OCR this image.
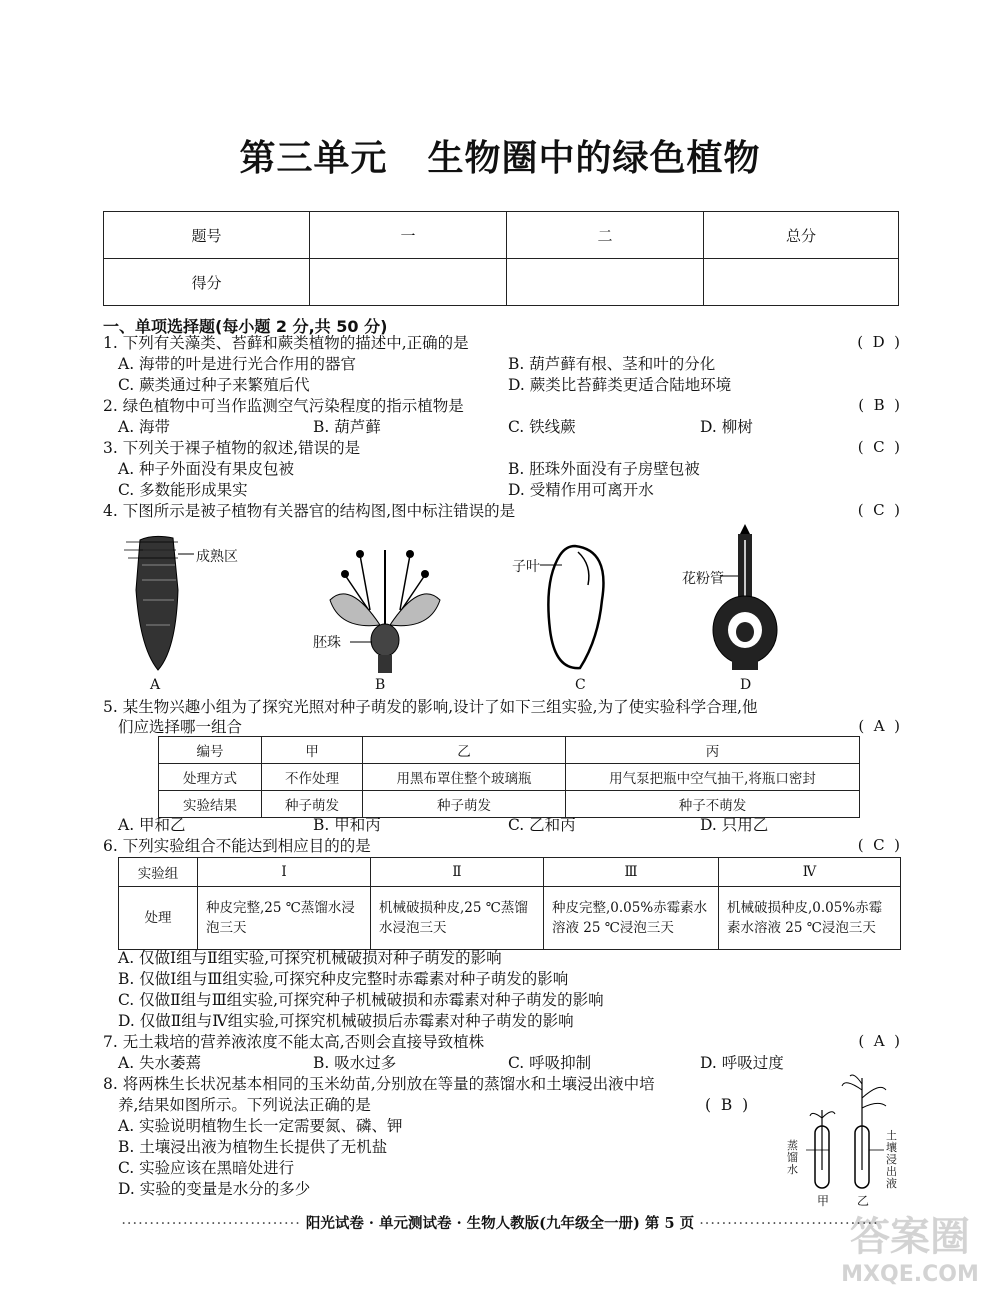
第三单元 生物圈中的绿色植物
题号	一	二	总分
得分			
一、单项选择题(每小题 2 分,共 50 分)
1. 下列有关藻类、苔藓和蕨类植物的描述中,正确的是	(  D  )
A. 海带的叶是进行光合作用的器官	B. 葫芦藓有根、茎和叶的分化
C. 蕨类通过种子来繁殖后代	D. 蕨类比苔藓类更适合陆地环境
2. 绿色植物中可当作监测空气污染程度的指示植物是	(  B  )
A. 海带	B. 葫芦藓	C. 铁线蕨	D. 柳树
3. 下列关于裸子植物的叙述,错误的是	(  C  )
A. 种子外面没有果皮包被	B. 胚珠外面没有子房壁包被
C. 多数能形成果实	D. 受精作用可离开水
4. 下图所示是被子植物有关器官的结构图,图中标注错误的是	(  C  )
成熟区
胚珠
子叶
花粉管
A	B	C	D
5. 某生物兴趣小组为了探究光照对种子萌发的影响,设计了如下三组实验,为了使实验科学合理,他
们应选择哪一组合	(  A  )
编号	甲	乙	丙
处理方式	不作处理	用黑布罩住整个玻璃瓶	用气泵把瓶中空气抽干,将瓶口密封
实验结果	种子萌发	种子萌发	种子不萌发
A. 甲和乙	B. 甲和丙	C. 乙和丙	D. 只用乙
6. 下列实验组合不能达到相应目的的是	(  C  )
实验组	Ⅰ	Ⅱ	Ⅲ	Ⅳ
处理	种皮完整,25 ℃蒸馏水浸泡三天	机械破损种皮,25 ℃蒸馏水浸泡三天	种皮完整,0.05%赤霉素水溶液 25 ℃浸泡三天	机械破损种皮,0.05%赤霉素水溶液 25 ℃浸泡三天
A. 仅做Ⅰ组与Ⅱ组实验,可探究机械破损对种子萌发的影响
B. 仅做Ⅰ组与Ⅲ组实验,可探究种皮完整时赤霉素对种子萌发的影响
C. 仅做Ⅱ组与Ⅲ组实验,可探究种子机械破损和赤霉素对种子萌发的影响
D. 仅做Ⅱ组与Ⅳ组实验,可探究机械破损后赤霉素对种子萌发的影响
7. 无土栽培的营养液浓度不能太高,否则会直接导致植株	(  A  )
A. 失水萎蔫	B. 吸水过多	C. 呼吸抑制	D. 呼吸过度
8. 将两株生长状况基本相同的玉米幼苗,分别放在等量的蒸馏水和土壤浸出液中培
养,结果如图所示。下列说法正确的是	(  B  )
A. 实验说明植物生长一定需要氮、磷、钾
B. 土壤浸出液为植物生长提供了无机盐
C. 实验应该在黑暗处进行
D. 实验的变量是水分的多少
蒸馏水
土壤浸出液
甲 乙
································ 阳光试卷 · 单元测试卷 · 生物人教版(九年级全一册) 第 5 页 ································
答案圈
MXQE.COM
